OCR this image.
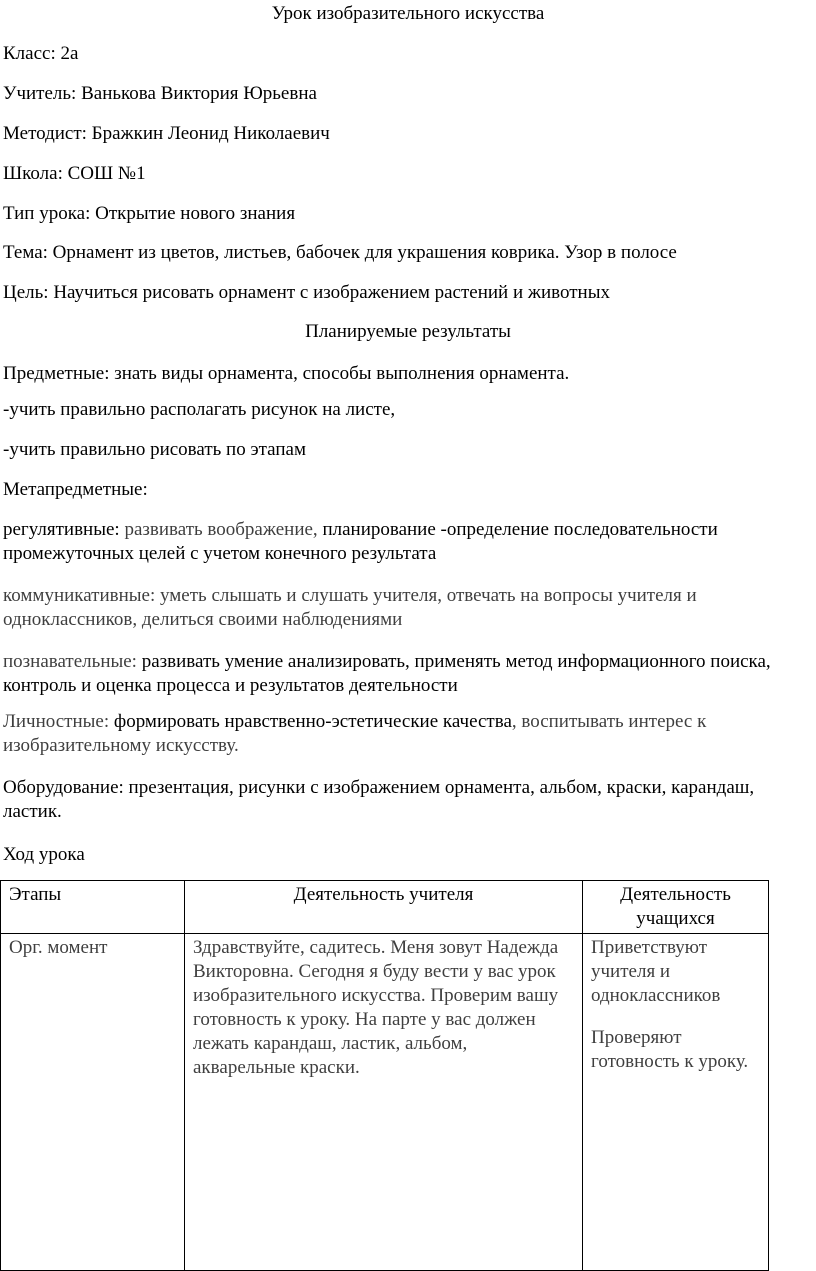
Урок изобразительного искусства
Класс: 2а
Учитель: Ванькова Виктория Юрьевна
Методист: Бражкин Леонид Николаевич
Школа: СОШ №1
Тип урока: Открытие нового знания
Тема: Орнамент из цветов, листьев, бабочек для украшения коврика. Узор в полосе
Цель: Научиться рисовать орнамент с изображением растений и животных
Планируемые результаты
Предметные: знать виды орнамента, способы выполнения орнамента.
-учить правильно располагать рисунок на листе,
-учить правильно рисовать по этапам
Метапредметные:
регулятивные: развивать воображение, планирование -определение последовательности промежуточных целей с учетом конечного результата
коммуникативные: уметь слышать и слушать учителя, отвечать на вопросы учителя и одноклассников, делиться своими наблюдениями
познавательные: развивать умение анализировать, применять метод информационного поиска, контроль и оценка процесса и результатов деятельности
Личностные: формировать нравственно-эстетические качества, воспитывать интерес к изобразительному искусству.
Оборудование: презентация, рисунки с изображением орнамента, альбом, краски, карандаш, ластик.
Ход урока
Этапы	Деятельность учителя	Деятельность учащихся
Орг. момент	Здравствуйте, садитесь. Меня зовут Надежда Викторовна. Сегодня я буду вести у вас урок изобразительного искусства. Проверим вашу готовность к уроку. На парте у вас должен лежать карандаш, ластик, альбом, акварельные краски.	Приветствуют учителя и одноклассников
Проверяют готовность к уроку.
